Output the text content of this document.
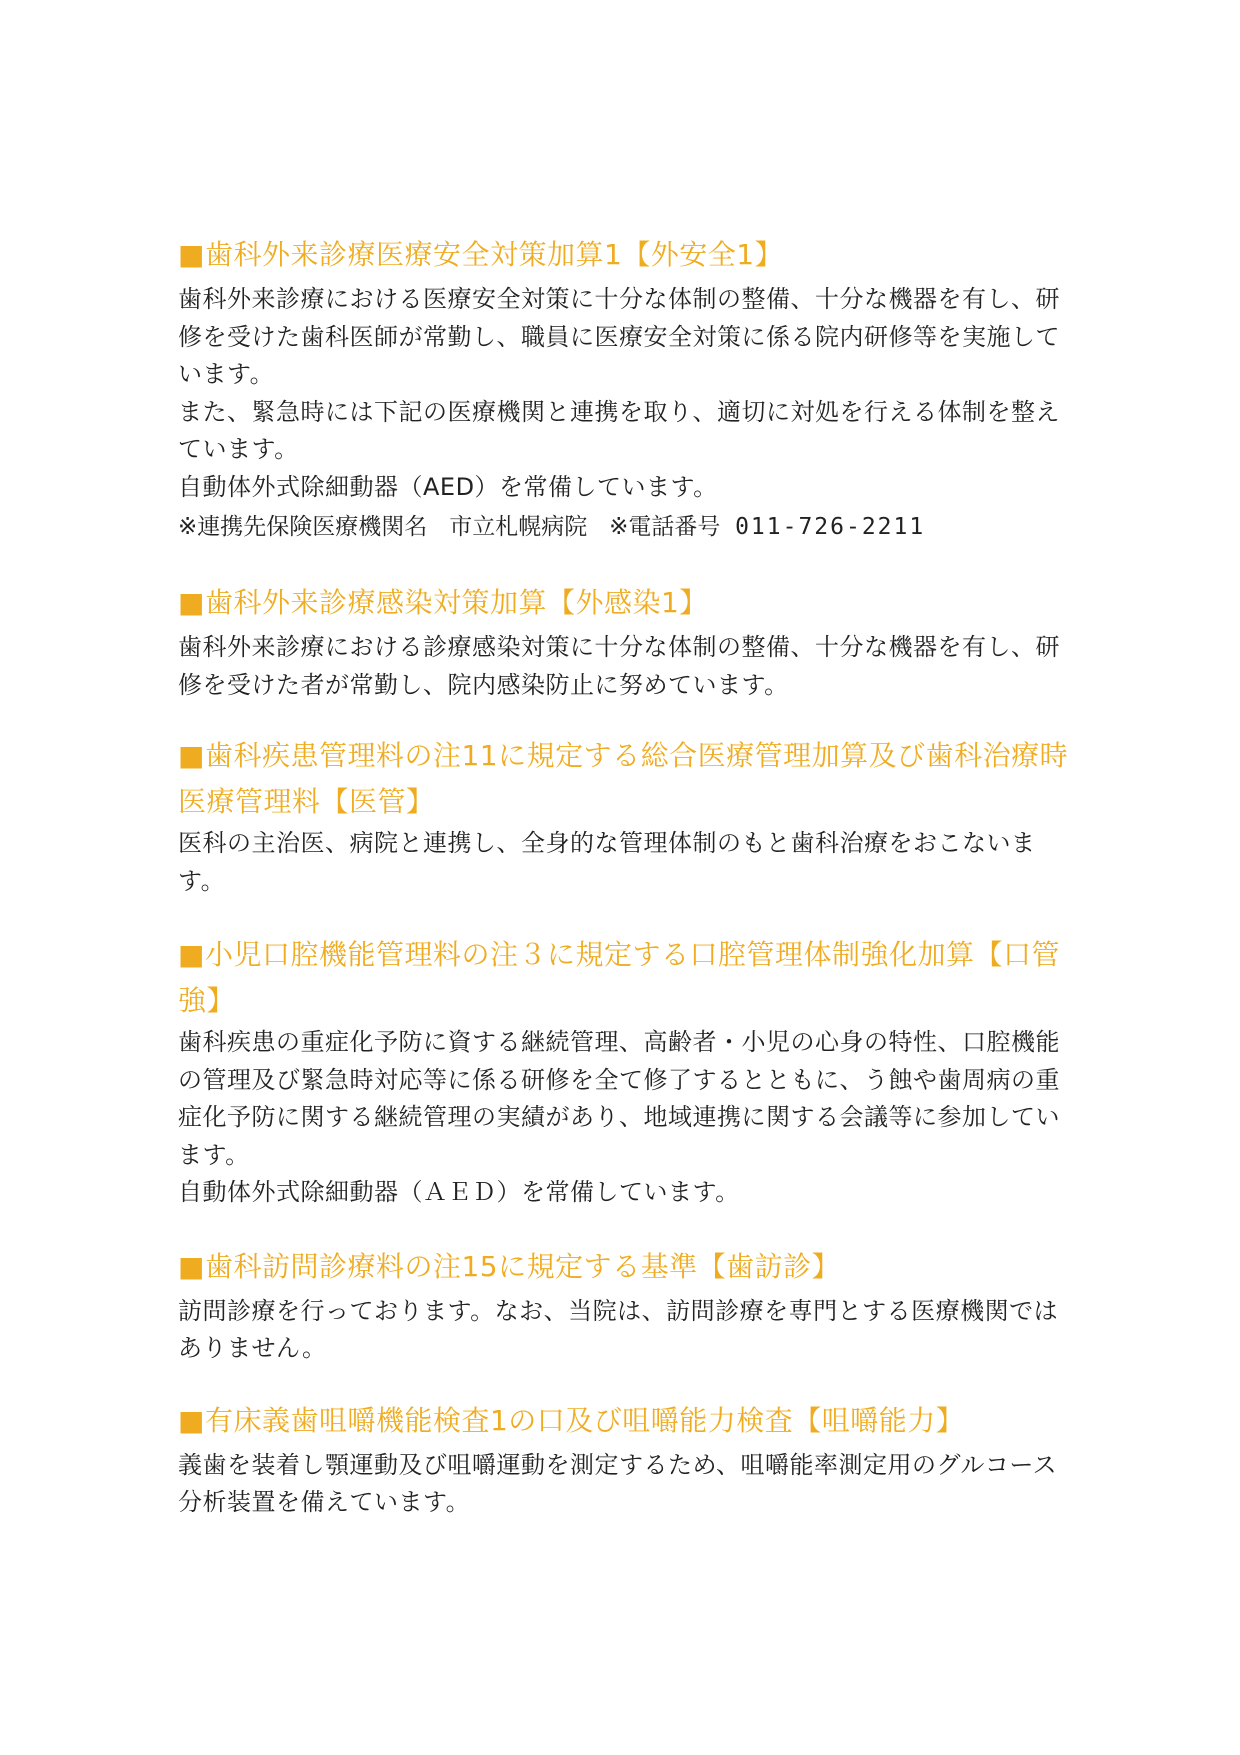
■歯科外来診療医療安全対策加算1【外安全1】

歯科外来診療における医療安全対策に十分な体制の整備、十分な機器を有し、研修を受けた歯科医師が常勤し、職員に医療安全対策に係る院内研修等を実施しています。

また、緊急時には下記の医療機関と連携を取り、適切に対処を行える体制を整えています。

自動体外式除細動器（AED）を常備しています。

※連携先保険医療機関名 市立札幌病院 ※電話番号 011-726-2211

■歯科外来診療感染対策加算【外感染1】

歯科外来診療における診療感染対策に十分な体制の整備、十分な機器を有し、研修を受けた者が常勤し、院内感染防止に努めています。

■歯科疾患管理料の注11に規定する総合医療管理加算及び歯科治療時医療管理料【医管】

医科の主治医、病院と連携し、全身的な管理体制のもと歯科治療をおこないます。

■小児口腔機能管理料の注３に規定する口腔管理体制強化加算【口管強】

歯科疾患の重症化予防に資する継続管理、高齢者・小児の心身の特性、口腔機能の管理及び緊急時対応等に係る研修を全て修了するとともに、う蝕や歯周病の重症化予防に関する継続管理の実績があり、地域連携に関する会議等に参加しています。

自動体外式除細動器（ＡＥＤ）を常備しています。

■歯科訪問診療料の注15に規定する基準【歯訪診】

訪問診療を行っております。なお、当院は、訪問診療を専門とする医療機関ではありません。

■有床義歯咀嚼機能検査1の口及び咀嚼能力検査【咀嚼能力】

義歯を装着し顎運動及び咀嚼運動を測定するため、咀嚼能率測定用のグルコース分析装置を備えています。
